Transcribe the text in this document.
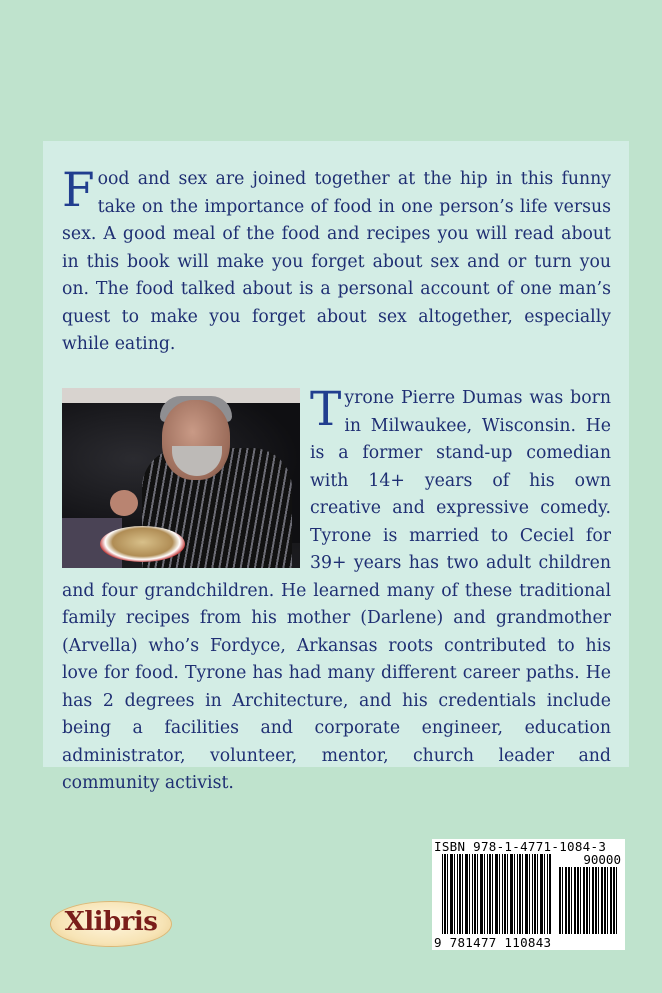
Food and sex are joined together at the hip in this funny take on the importance of food in one person’s life versus sex. A good meal of the food and recipes you will read about in this book will make you forget about sex and or turn you on. The food talked about is a personal account of one man’s quest to make you forget about sex altogether, especially while eating.
Tyrone Pierre Dumas was born in Milwaukee, Wisconsin. He is a former stand-up comedian with 14+ years of his own creative and expressive comedy. Tyrone is married to Ceciel for 39+ years has two adult children and four grandchildren. He learned many of these traditional family recipes from his mother (Darlene) and grandmother (Arvella) who’s Fordyce, Arkansas roots contributed to his love for food. Tyrone has had many different career paths. He has 2 degrees in Architecture, and his credentials include being a facilities and corporate engineer, education administrator, volunteer, mentor, church leader and community activist.
ISBN 978-1-4771-1084-3
90000
9 781477 110843
Xlibris
